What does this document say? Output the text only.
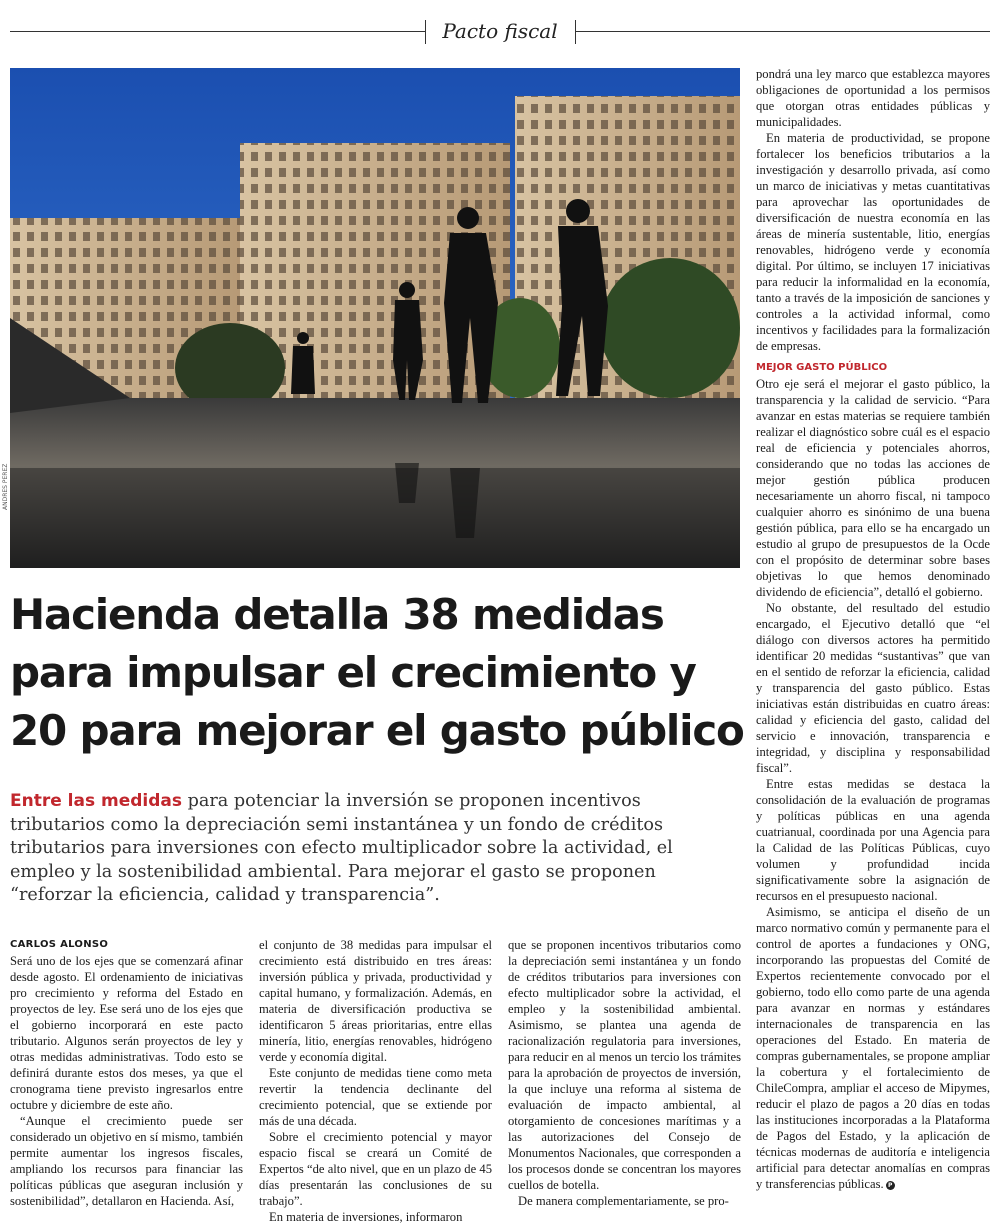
Pacto fiscal
ANDRES PEREZ
Hacienda detalla 38 medidas
para impulsar el crecimiento y
20 para mejorar el gasto público

Entre las medidas para potenciar la inversión se proponen incentivos tributarios como la depreciación semi instantánea y un fondo de créditos tributarios para inversiones con efecto multiplicador sobre la actividad, el empleo y la sostenibilidad ambiental. Para mejorar el gasto se proponen “reforzar la eficiencia, calidad y transparencia”.

CARLOS ALONSO

Será uno de los ejes que se comenzará afinar desde agosto. El ordenamiento de iniciativas pro crecimiento y reforma del Estado en proyectos de ley. Ese será uno de los ejes que el gobierno incorporará en este pacto tributario. Algunos serán proyectos de ley y otras medidas administrativas. Todo esto se definirá durante estos dos meses, ya que el cronograma tiene previsto ingresarlos entre octubre y diciembre de este año.

“Aunque el crecimiento puede ser considerado un objetivo en sí mismo, también permite aumentar los ingresos fiscales, ampliando los recursos para financiar las políticas públicas que aseguran inclusión y sostenibilidad”, detallaron en Hacienda. Así,

el conjunto de 38 medidas para impulsar el crecimiento está distribuido en tres áreas: inversión pública y privada, productividad y capital humano, y formalización. Además, en materia de diversificación productiva se identificaron 5 áreas prioritarias, entre ellas minería, litio, energías renovables, hidrógeno verde y economía digital.

Este conjunto de medidas tiene como meta revertir la tendencia declinante del crecimiento potencial, que se extiende por más de una década.

Sobre el crecimiento potencial y mayor espacio fiscal se creará un Comité de Expertos “de alto nivel, que en un plazo de 45 días presentarán las conclusiones de su trabajo”.

En materia de inversiones, informaron

que se proponen incentivos tributarios como la depreciación semi instantánea y un fondo de créditos tributarios para inversiones con efecto multiplicador sobre la actividad, el empleo y la sostenibilidad ambiental. Asimismo, se plantea una agenda de racionalización regulatoria para inversiones, para reducir en al menos un tercio los trámites para la aprobación de proyectos de inversión, la que incluye una reforma al sistema de evaluación de impacto ambiental, al otorgamiento de concesiones marítimas y a las autorizaciones del Consejo de Monumentos Nacionales, que corresponden a los procesos donde se concentran los mayores cuellos de botella.

De manera complementariamente, se pro-

pondrá una ley marco que establezca mayores obligaciones de oportunidad a los permisos que otorgan otras entidades públicas y municipalidades.

En materia de productividad, se propone fortalecer los beneficios tributarios a la investigación y desarrollo privada, así como un marco de iniciativas y metas cuantitativas para aprovechar las oportunidades de diversificación de nuestra economía en las áreas de minería sustentable, litio, energías renovables, hidrógeno verde y economía digital. Por último, se incluyen 17 iniciativas para reducir la informalidad en la economía, tanto a través de la imposición de sanciones y controles a la actividad informal, como incentivos y facilidades para la formalización de empresas.

MEJOR GASTO PÚBLICO

Otro eje será el mejorar el gasto público, la transparencia y la calidad de servicio. “Para avanzar en estas materias se requiere también realizar el diagnóstico sobre cuál es el espacio real de eficiencia y potenciales ahorros, considerando que no todas las acciones de mejor gestión pública producen necesariamente un ahorro fiscal, ni tampoco cualquier ahorro es sinónimo de una buena gestión pública, para ello se ha encargado un estudio al grupo de presupuestos de la Ocde con el propósito de determinar sobre bases objetivas lo que hemos denominado dividendo de eficiencia”, detalló el gobierno.

No obstante, del resultado del estudio encargado, el Ejecutivo detalló que “el diálogo con diversos actores ha permitido identificar 20 medidas “sustantivas” que van en el sentido de reforzar la eficiencia, calidad y transparencia del gasto público. Estas iniciativas están distribuidas en cuatro áreas: calidad y eficiencia del gasto, calidad del servicio e innovación, transparencia e integridad, y disciplina y responsabilidad fiscal”.

Entre estas medidas se destaca la consolidación de la evaluación de programas y políticas públicas en una agenda cuatrianual, coordinada por una Agencia para la Calidad de las Políticas Públicas, cuyo volumen y profundidad incida significativamente sobre la asignación de recursos en el presupuesto nacional.

Asimismo, se anticipa el diseño de un marco normativo común y permanente para el control de aportes a fundaciones y ONG, incorporando las propuestas del Comité de Expertos recientemente convocado por el gobierno, todo ello como parte de una agenda para avanzar en normas y estándares internacionales de transparencia en las operaciones del Estado. En materia de compras gubernamentales, se propone ampliar la cobertura y el fortalecimiento de ChileCompra, ampliar el acceso de Mipymes, reducir el plazo de pagos a 20 días en todas las instituciones incorporadas a la Plataforma de Pagos del Estado, y la aplicación de técnicas modernas de auditoría e inteligencia artificial para detectar anomalías en compras y transferencias públicas. P
